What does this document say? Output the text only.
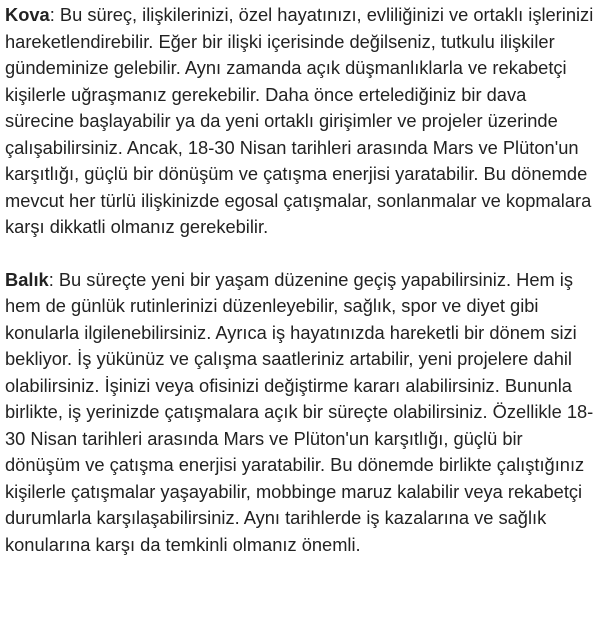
Kova: Bu süreç, ilişkilerinizi, özel hayatınızı, evliliğinizi ve ortaklı işlerinizi hareketlendirebilir. Eğer bir ilişki içerisinde değilseniz, tutkulu ilişkiler gündeminize gelebilir. Aynı zamanda açık düşmanlıklarla ve rekabetçi kişilerle uğraşmanız gerekebilir. Daha önce ertelediğiniz bir dava sürecine başlayabilir ya da yeni ortaklı girişimler ve projeler üzerinde çalışabilirsiniz. Ancak, 18-30 Nisan tarihleri arasında Mars ve Plüton'un karşıtlığı, güçlü bir dönüşüm ve çatışma enerjisi yaratabilir. Bu dönemde mevcut her türlü ilişkinizde egosal çatışmalar, sonlanmalar ve kopmalara karşı dikkatli olmanız gerekebilir.

Balık: Bu süreçte yeni bir yaşam düzenine geçiş yapabilirsiniz. Hem iş hem de günlük rutinlerinizi düzenleyebilir, sağlık, spor ve diyet gibi konularla ilgilenebilirsiniz. Ayrıca iş hayatınızda hareketli bir dönem sizi bekliyor. İş yükünüz ve çalışma saatleriniz artabilir, yeni projelere dahil olabilirsiniz. İşinizi veya ofisinizi değiştirme kararı alabilirsiniz. Bununla birlikte, iş yerinizde çatışmalara açık bir süreçte olabilirsiniz. Özellikle 18-30 Nisan tarihleri arasında Mars ve Plüton'un karşıtlığı, güçlü bir dönüşüm ve çatışma enerjisi yaratabilir. Bu dönemde birlikte çalıştığınız kişilerle çatışmalar yaşayabilir, mobbinge maruz kalabilir veya rekabetçi durumlarla karşılaşabilirsiniz. Aynı tarihlerde iş kazalarına ve sağlık konularına karşı da temkinli olmanız önemli.
